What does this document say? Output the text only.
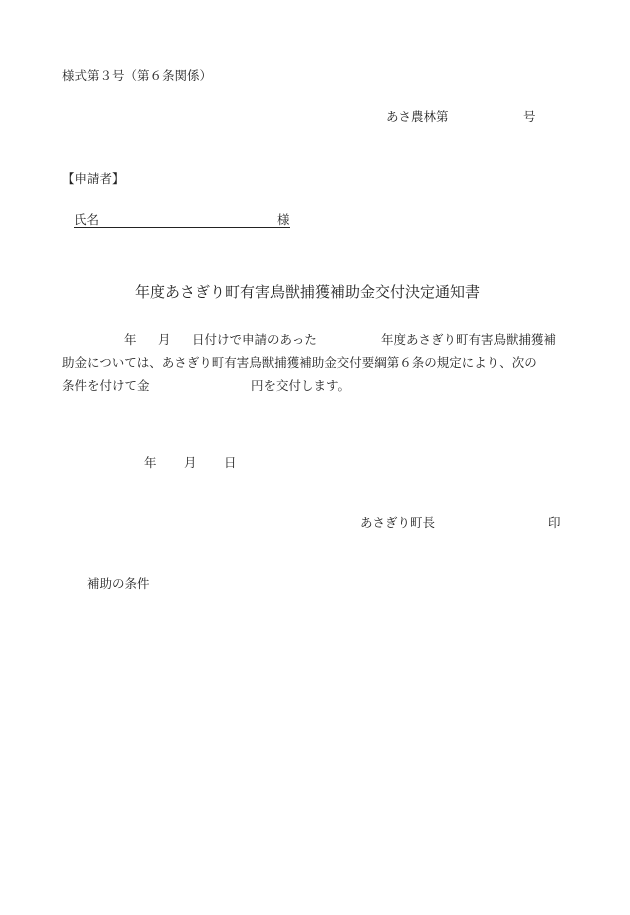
様式第３号（第６条関係）
あさ農林第	号
【申請者】
氏名	様
年度あさぎり町有害鳥獣捕獲補助金交付決定通知書
年 月 日付けで申請のあった	年度あさぎり町有害鳥獣捕獲補
助金については、あさぎり町有害鳥獣捕獲補助金交付要綱第６条の規定により、次の
条件を付けて金	円を交付します。
年 月 日
あさぎり町長	印
補助の条件
